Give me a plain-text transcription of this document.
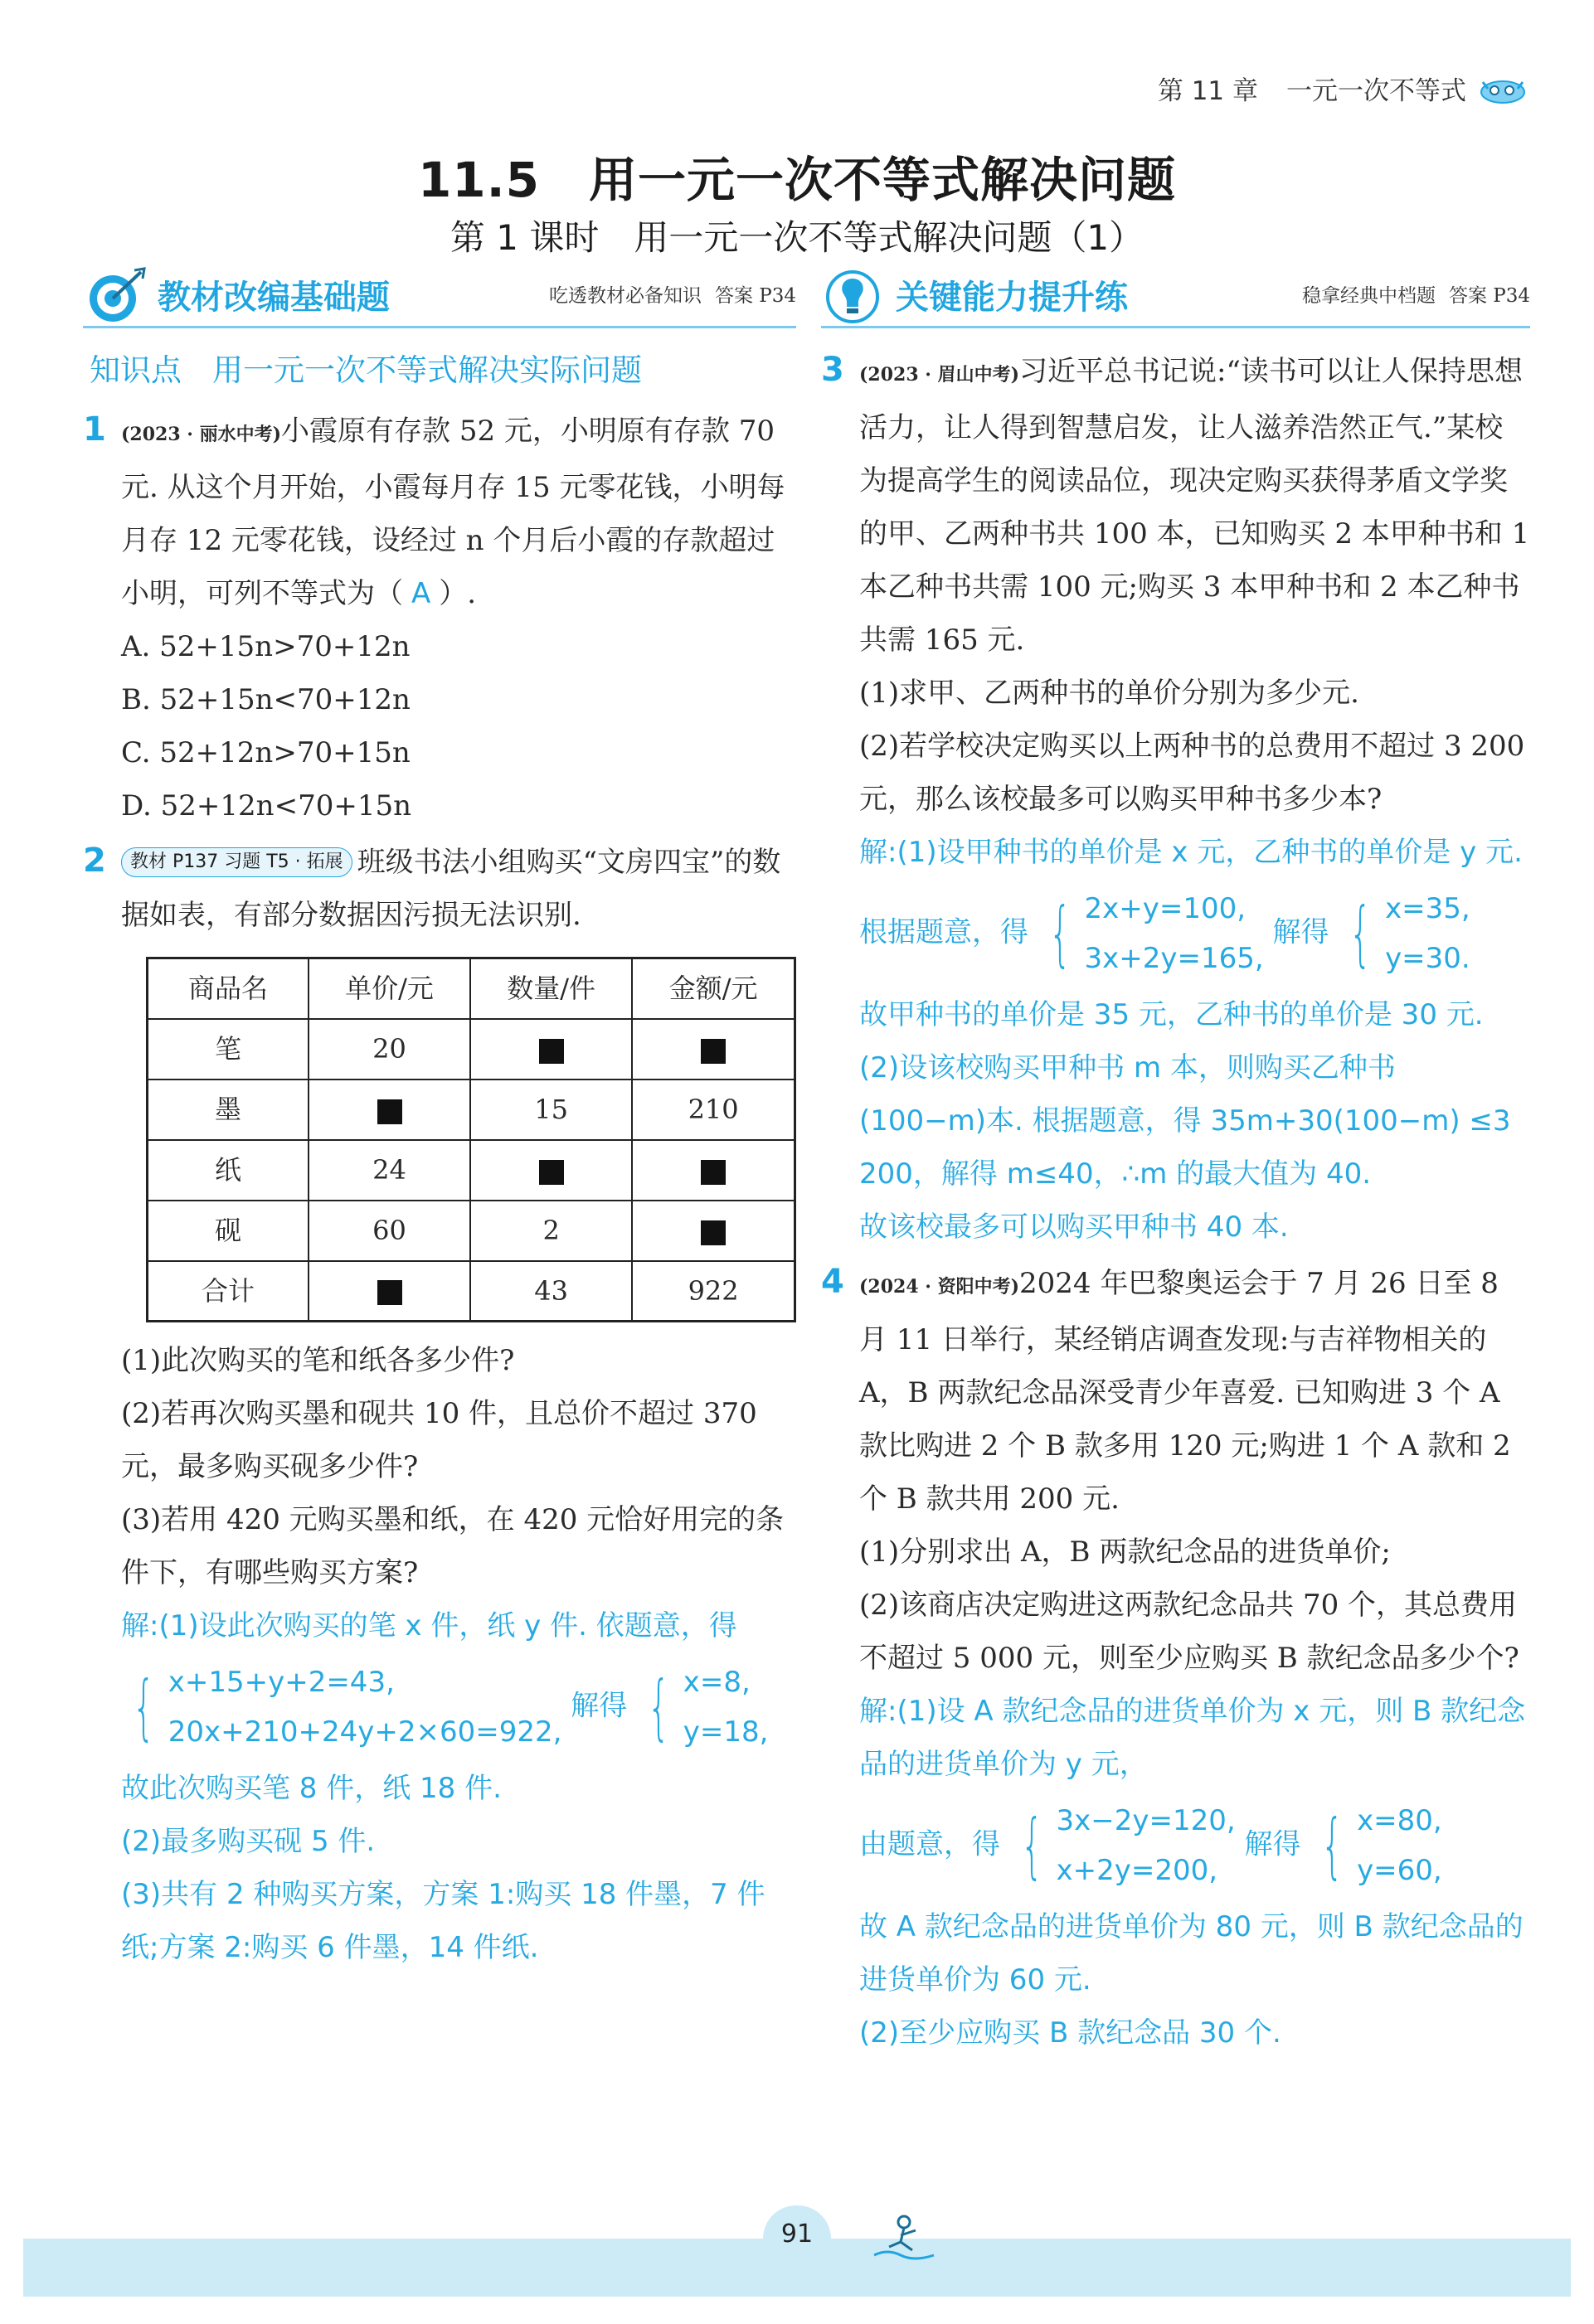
第 11 章 一元一次不等式
11.5　用一元一次不等式解决问题
第 1 课时　用一元一次不等式解决问题（1）
教材改编基础题	吃透教材必备知识 答案 P34
知识点　用一元一次不等式解决实际问题
1 (2023 · 丽水中考)小霞原有存款 52 元，小明原有存款 70 元. 从这个月开始，小霞每月存 15 元零花钱，小明每月存 12 元零花钱，设经过 n 个月后小霞的存款超过小明，可列不等式为（ A ）.
A. 52+15n>70+12n
B. 52+15n<70+12n
C. 52+12n>70+15n
D. 52+12n<70+15n
2	教材 P137 习题 T5 · 拓展 班级书法小组购买“文房四宝”的数据如表，有部分数据因污损无法识别.
商品名	单价/元	数量/件	金额/元
笔	20		
墨		15	210
纸	24		
砚	60	2	
合计		43	922
(1)此次购买的笔和纸各多少件?
(2)若再次购买墨和砚共 10 件，且总价不超过 370 元，最多购买砚多少件?
(3)若用 420 元购买墨和纸，在 420 元恰好用完的条件下，有哪些购买方案?
解:(1)设此次购买的笔 x 件，纸 y 件. 依题意，得
{ x+15+y+2=43,
20x+210+24y+2×60=922,
解得 { x=8,
y=18,
故此次购买笔 8 件，纸 18 件.
(2)最多购买砚 5 件.
(3)共有 2 种购买方案，方案 1:购买 18 件墨，7 件纸;方案 2:购买 6 件墨，14 件纸.
关键能力提升练	稳拿经典中档题 答案 P34
3 (2023 · 眉山中考)习近平总书记说:“读书可以让人保持思想活力，让人得到智慧启发，让人滋养浩然正气.”某校为提高学生的阅读品位，现决定购买获得茅盾文学奖的甲、乙两种书共 100 本，已知购买 2 本甲种书和 1 本乙种书共需 100 元;购买 3 本甲种书和 2 本乙种书共需 165 元.
(1)求甲、乙两种书的单价分别为多少元.
(2)若学校决定购买以上两种书的总费用不超过 3 200 元，那么该校最多可以购买甲种书多少本?
解:(1)设甲种书的单价是 x 元，乙种书的单价是 y 元.
根据题意，得 { 2x+y=100,
3x+2y=165,
解得 { x=35,
y=30.
故甲种书的单价是 35 元，乙种书的单价是 30 元.
(2)设该校购买甲种书 m 本，则购买乙种书 (100−m)本. 根据题意，得 35m+30(100−m) ≤3 200，解得 m≤40，∴m 的最大值为 40.
故该校最多可以购买甲种书 40 本.
4 (2024 · 资阳中考)2024 年巴黎奥运会于 7 月 26 日至 8 月 11 日举行，某经销店调查发现:与吉祥物相关的 A，B 两款纪念品深受青少年喜爱. 已知购进 3 个 A 款比购进 2 个 B 款多用 120 元;购进 1 个 A 款和 2 个 B 款共用 200 元.
(1)分别求出 A，B 两款纪念品的进货单价;
(2)该商店决定购进这两款纪念品共 70 个，其总费用不超过 5 000 元，则至少应购买 B 款纪念品多少个?
解:(1)设 A 款纪念品的进货单价为 x 元，则 B 款纪念品的进货单价为 y 元，
由题意，得 { 3x−2y=120,
x+2y=200,
解得 { x=80,
y=60,
故 A 款纪念品的进货单价为 80 元，则 B 款纪念品的进货单价为 60 元.
(2)至少应购买 B 款纪念品 30 个.
91
